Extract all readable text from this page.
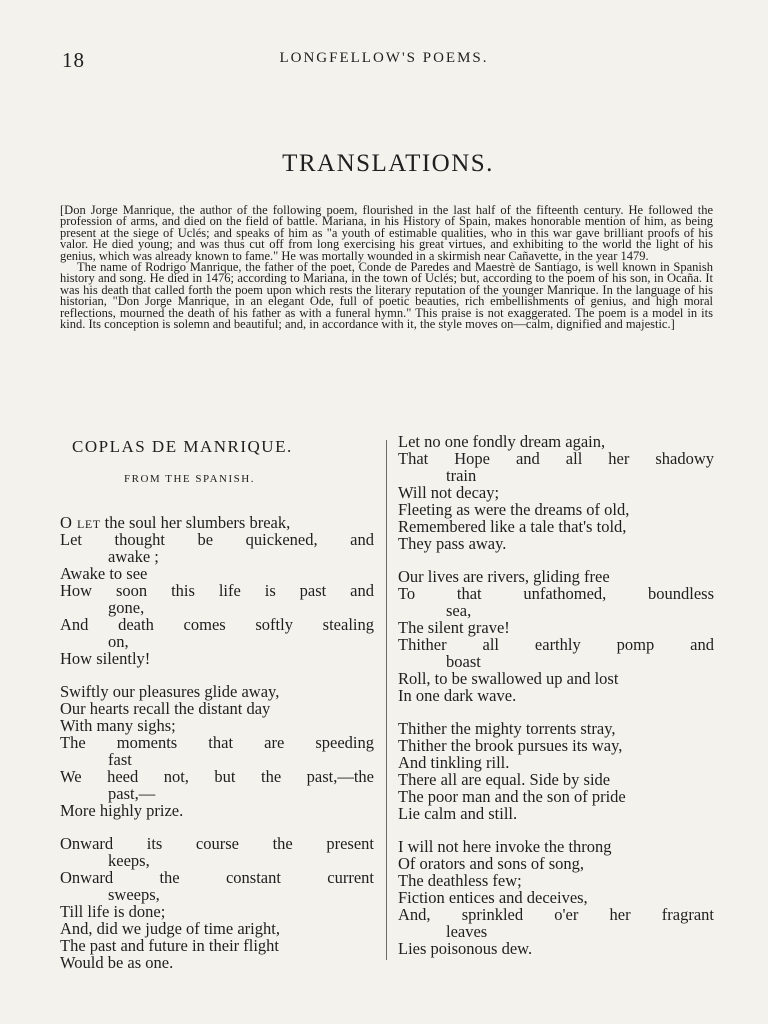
18	LONGFELLOW'S POEMS.
TRANSLATIONS.

[Don Jorge Manrique, the author of the following poem, flourished in the last half of the fifteenth century. He followed the profession of arms, and died on the field of battle. Mariana, in his History of Spain, makes honorable mention of him, as being present at the siege of Uclés; and speaks of him as "a youth of estimable qualities, who in this war gave brilliant proofs of his valor. He died young; and was thus cut off from long exercising his great virtues, and exhibiting to the world the light of his genius, which was already known to fame." He was mortally wounded in a skirmish near Cañavette, in the year 1479.

The name of Rodrigo Manrique, the father of the poet, Conde de Paredes and Maestrè de Santiago, is well known in Spanish history and song. He died in 1476; according to Mariana, in the town of Uclés; but, according to the poem of his son, in Ocaña. It was his death that called forth the poem upon which rests the literary reputation of the younger Manrique. In the language of his historian, "Don Jorge Manrique, in an elegant Ode, full of poetic beauties, rich embellishments of genius, and high moral reflections, mourned the death of his father as with a funeral hymn." This praise is not exaggerated. The poem is a model in its kind. Its conception is solemn and beautiful; and, in accordance with it, the style moves on—calm, dignified and majestic.]

COPLAS DE MANRIQUE.
FROM THE SPANISH.
O let the soul her slumbers break,
Let thought be quickened, and
awake ;
Awake to see
How soon this life is past and
gone,
And death comes softly stealing
on,
How silently!
Swiftly our pleasures glide away,
Our hearts recall the distant day
With many sighs;
The moments that are speeding
fast
We heed not, but the past,—the
past,—
More highly prize.
Onward its course the present
keeps,
Onward the constant current
sweeps,
Till life is done;
And, did we judge of time aright,
The past and future in their flight
Would be as one.
Let no one fondly dream again,
That Hope and all her shadowy
train
Will not decay;
Fleeting as were the dreams of old,
Remembered like a tale that's told,
They pass away.
Our lives are rivers, gliding free
To that unfathomed, boundless
sea,
The silent grave!
Thither all earthly pomp and
boast
Roll, to be swallowed up and lost
In one dark wave.
Thither the mighty torrents stray,
Thither the brook pursues its way,
And tinkling rill.
There all are equal. Side by side
The poor man and the son of pride
Lie calm and still.
I will not here invoke the throng
Of orators and sons of song,
The deathless few;
Fiction entices and deceives,
And, sprinkled o'er her fragrant
leaves
Lies poisonous dew.
